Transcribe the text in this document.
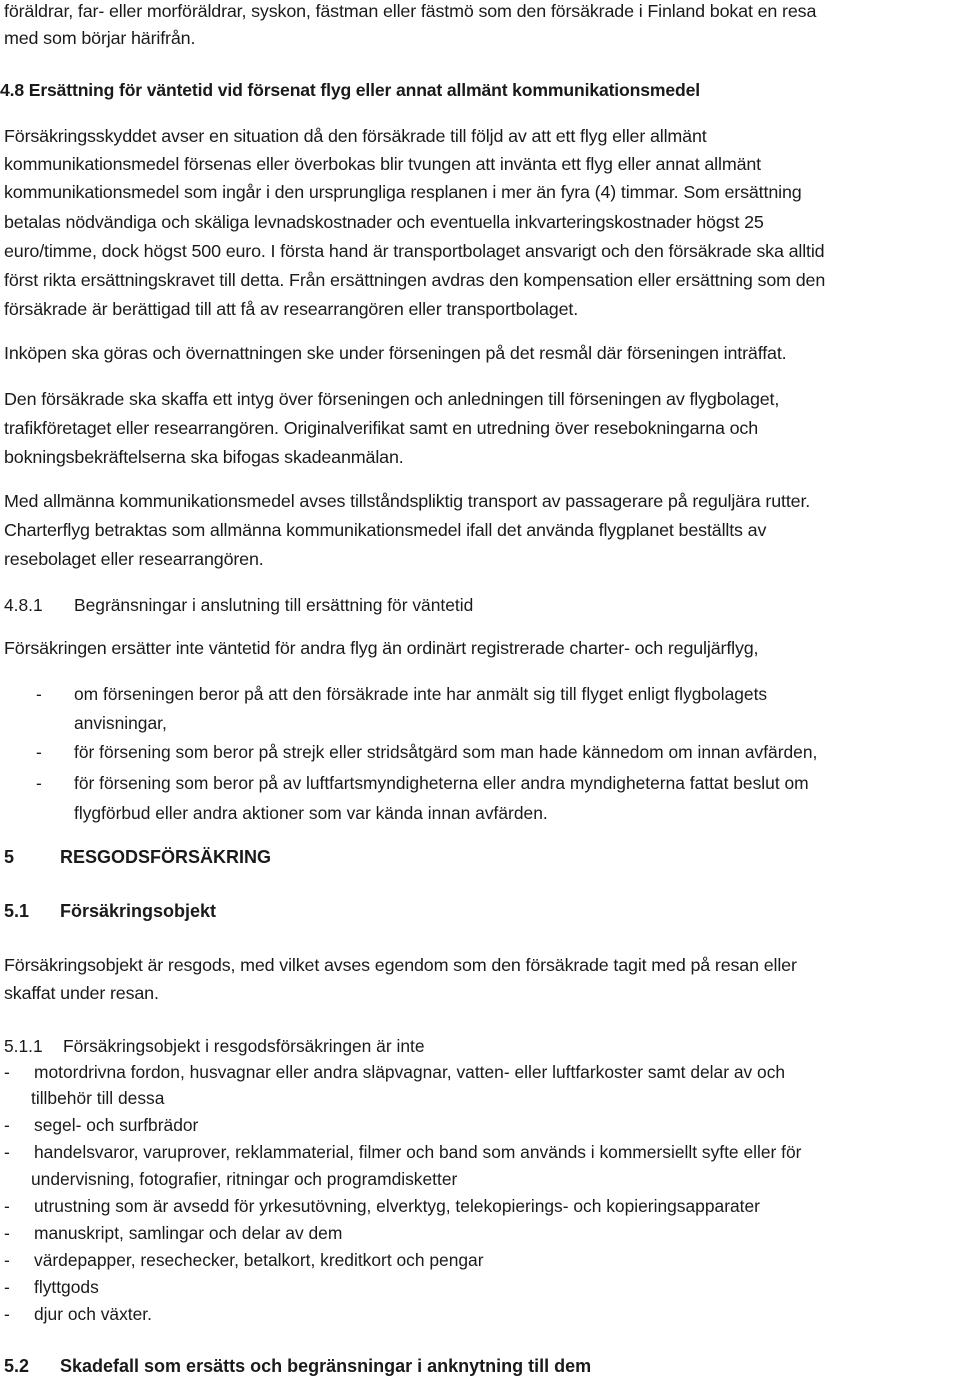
föräldrar, far- eller morföräldrar, syskon, fästman eller fästmö som den försäkrade i Finland bokat en resa
med som börjar härifrån.
4.8 Ersättning för väntetid vid försenat flyg eller annat allmänt kommunikationsmedel
Försäkringsskyddet avser en situation då den försäkrade till följd av att ett flyg eller allmänt
kommunikationsmedel försenas eller överbokas blir tvungen att invänta ett flyg eller annat allmänt
kommunikationsmedel som ingår i den ursprungliga resplanen i mer än fyra (4) timmar. Som ersättning
betalas nödvändiga och skäliga levnadskostnader och eventuella inkvarteringskostnader högst 25
euro/timme, dock högst 500 euro. I första hand är transportbolaget ansvarigt och den försäkrade ska alltid
först rikta ersättningskravet till detta. Från ersättningen avdras den kompensation eller ersättning som den
försäkrade är berättigad till att få av researrangören eller transportbolaget.
Inköpen ska göras och övernattningen ske under förseningen på det resmål där förseningen inträffat.
Den försäkrade ska skaffa ett intyg över förseningen och anledningen till förseningen av flygbolaget,
trafikföretaget eller researrangören. Originalverifikat samt en utredning över resebokningarna och
bokningsbekräftelserna ska bifogas skadeanmälan.
Med allmänna kommunikationsmedel avses tillståndspliktig transport av passagerare på reguljära rutter.
Charterflyg betraktas som allmänna kommunikationsmedel ifall det använda flygplanet beställts av
resebolaget eller researrangören.
4.8.1 Begränsningar i anslutning till ersättning för väntetid
Försäkringen ersätter inte väntetid för andra flyg än ordinärt registrerade charter- och reguljärflyg,
- om förseningen beror på att den försäkrade inte har anmält sig till flyget enligt flygbolagets
anvisningar,
- för försening som beror på strejk eller stridsåtgärd som man hade kännedom om innan avfärden,
- för försening som beror på av luftfartsmyndigheterna eller andra myndigheterna fattat beslut om
flygförbud eller andra aktioner som var kända innan avfärden.
5	RESGODSFÖRSÄKRING
5.1 Försäkringsobjekt
Försäkringsobjekt är resgods, med vilket avses egendom som den försäkrade tagit med på resan eller
skaffat under resan.
5.1.1 Försäkringsobjekt i resgodsförsäkringen är inte
- motordrivna fordon, husvagnar eller andra släpvagnar, vatten- eller luftfarkoster samt delar av och
tillbehör till dessa
- segel- och surfbrädor
- handelsvaror, varuprover, reklammaterial, filmer och band som används i kommersiellt syfte eller för
undervisning, fotografier, ritningar och programdisketter
- utrustning som är avsedd för yrkesutövning, elverktyg, telekopierings- och kopieringsapparater
- manuskript, samlingar och delar av dem
- värdepapper, resechecker, betalkort, kreditkort och pengar
- flyttgods
- djur och växter.
5.2 Skadefall som ersätts och begränsningar i anknytning till dem
